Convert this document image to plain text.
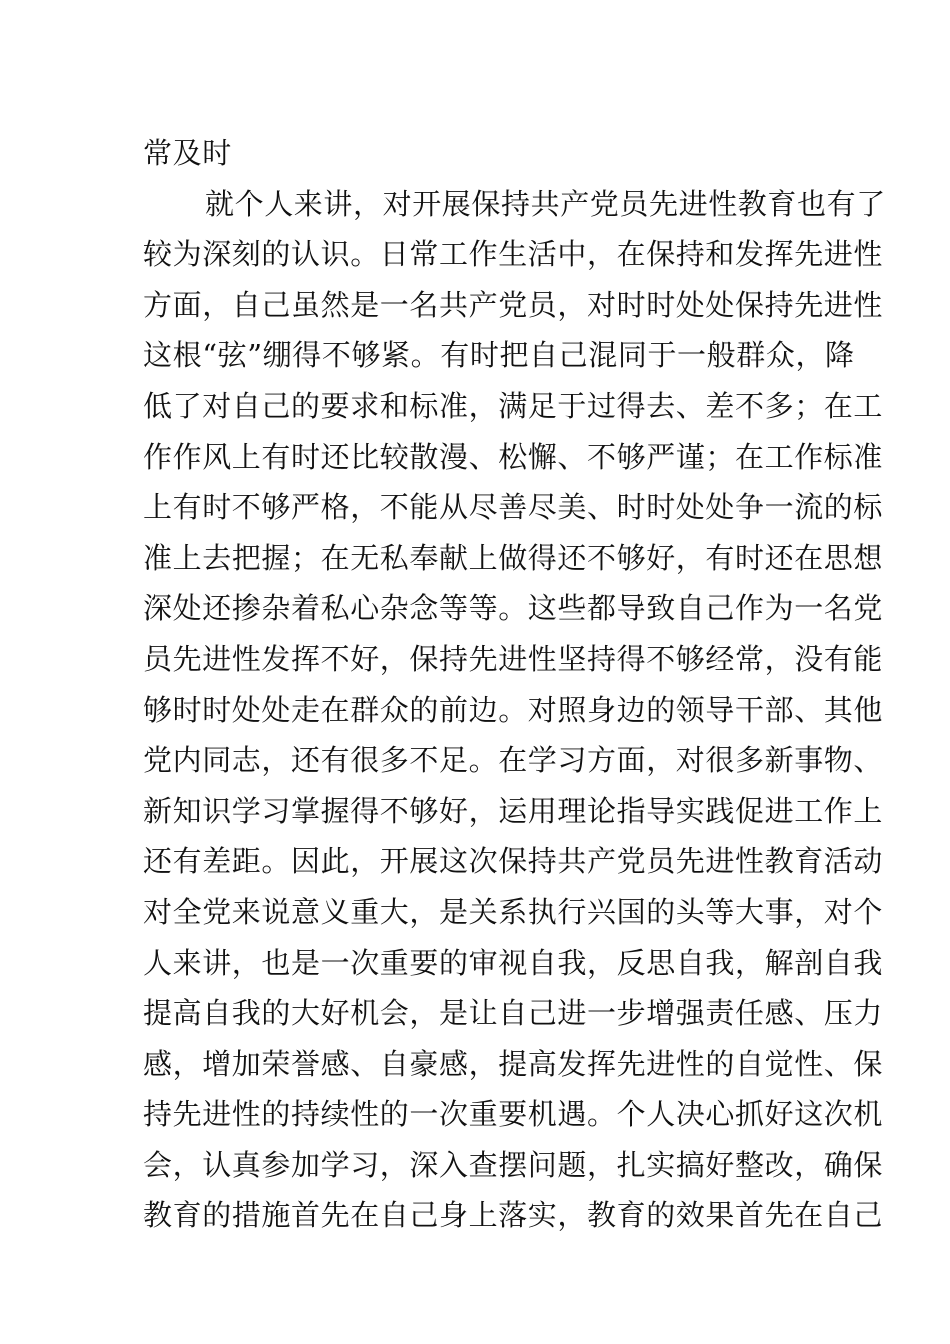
常及时
就个人来讲，对开展保持共产党员先进性教育也有了
较为深刻的认识。日常工作生活中，在保持和发挥先进性
方面，自己虽然是一名共产党员，对时时处处保持先进性
这根“弦”绷得不够紧。有时把自己混同于一般群众，降
低了对自己的要求和标准，满足于过得去、差不多；在工
作作风上有时还比较散漫、松懈、不够严谨；在工作标准
上有时不够严格，不能从尽善尽美、时时处处争一流的标
准上去把握；在无私奉献上做得还不够好，有时还在思想
深处还掺杂着私心杂念等等。这些都导致自己作为一名党
员先进性发挥不好，保持先进性坚持得不够经常，没有能
够时时处处走在群众的前边。对照身边的领导干部、其他
党内同志，还有很多不足。在学习方面，对很多新事物、
新知识学习掌握得不够好，运用理论指导实践促进工作上
还有差距。因此，开展这次保持共产党员先进性教育活动
对全党来说意义重大，是关系执行兴国的头等大事，对个
人来讲，也是一次重要的审视自我，反思自我，解剖自我
提高自我的大好机会，是让自己进一步增强责任感、压力
感，增加荣誉感、自豪感，提高发挥先进性的自觉性、保
持先进性的持续性的一次重要机遇。个人决心抓好这次机
会，认真参加学习，深入查摆问题，扎实搞好整改，确保
教育的措施首先在自己身上落实，教育的效果首先在自己
